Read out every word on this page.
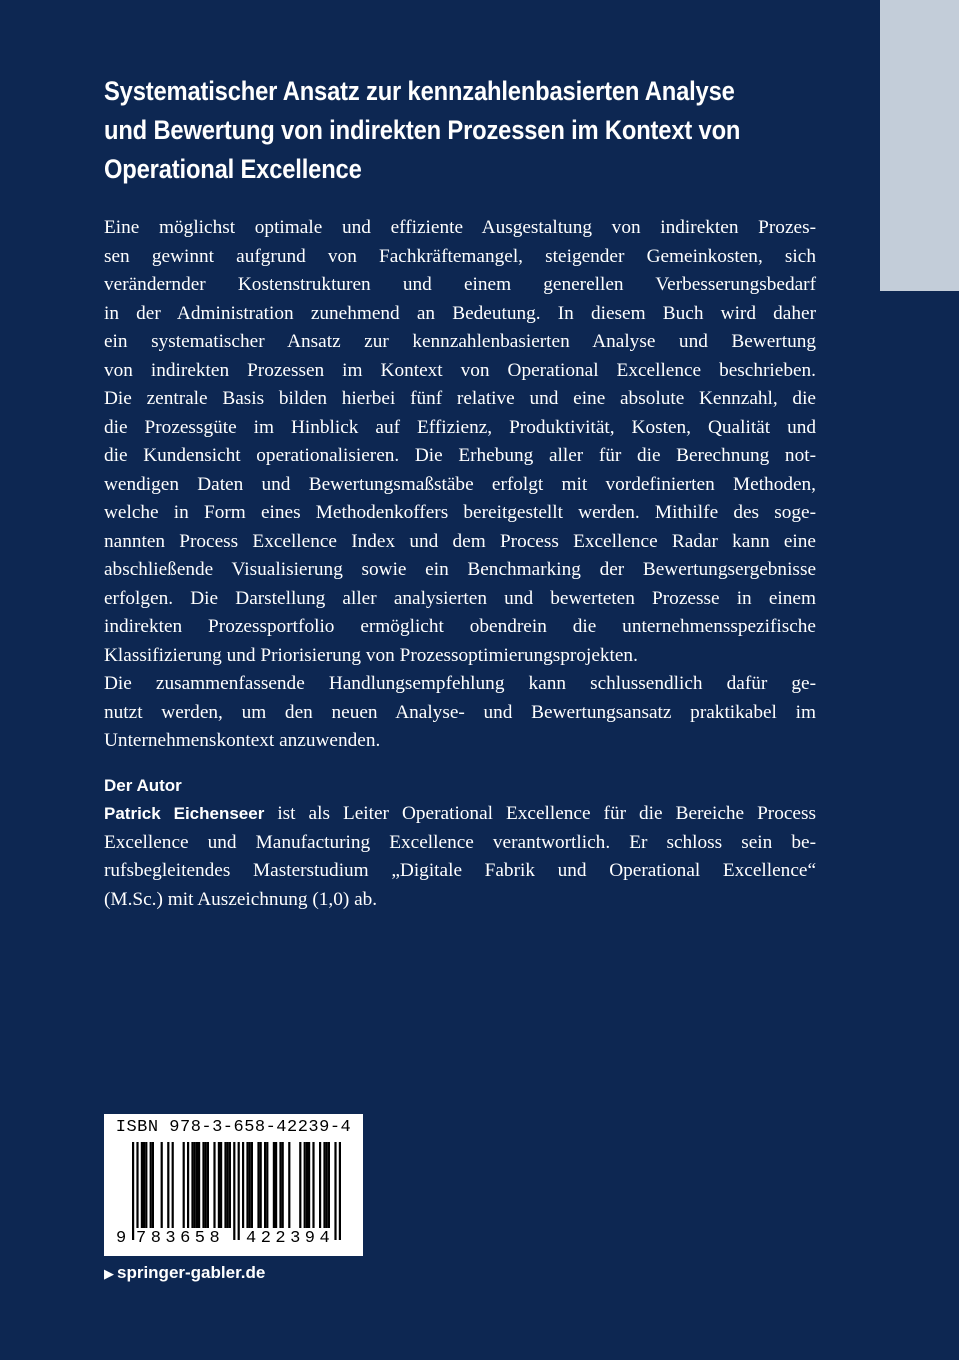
Systematischer Ansatz zur kennzahlenbasierten Analyse
und Bewertung von indirekten Prozessen im Kontext von
Operational Excellence
Eine möglichst optimale und effiziente Ausgestaltung von indirekten Prozes-
sen gewinnt aufgrund von Fachkräftemangel, steigender Gemeinkosten, sich
verändernder Kostenstrukturen und einem generellen Verbesserungsbedarf
in der Administration zunehmend an Bedeutung. In diesem Buch wird daher
ein systematischer Ansatz zur kennzahlenbasierten Analyse und Bewertung
von indirekten Prozessen im Kontext von Operational Excellence beschrieben.
Die zentrale Basis bilden hierbei fünf relative und eine absolute Kennzahl, die
die Prozessgüte im Hinblick auf Effizienz, Produktivität, Kosten, Qualität und
die Kundensicht operationalisieren. Die Erhebung aller für die Berechnung not-
wendigen Daten und Bewertungsmaßstäbe erfolgt mit vordefinierten Methoden,
welche in Form eines Methodenkoffers bereitgestellt werden. Mithilfe des soge-
nannten Process Excellence Index und dem Process Excellence Radar kann eine
abschließende Visualisierung sowie ein Benchmarking der Bewertungsergebnisse
erfolgen. Die Darstellung aller analysierten und bewerteten Prozesse in einem
indirekten Prozessportfolio ermöglicht obendrein die unternehmensspezifische
Klassifizierung und Priorisierung von Prozessoptimierungsprojekten.
Die zusammenfassende Handlungsempfehlung kann schlussendlich dafür ge-
nutzt werden, um den neuen Analyse- und Bewertungsansatz praktikabel im
Unternehmenskontext anzuwenden.
Der Autor
Patrick Eichenseer ist als Leiter Operational Excellence für die Bereiche Process
Excellence und Manufacturing Excellence verantwortlich. Er schloss sein be-
rufsbegleitendes Masterstudium „Digitale Fabrik und Operational Excellence“
(M.Sc.) mit Auszeichnung (1,0) ab.
ISBN 978-3-658-42239-4
9 783658 422394
▶ springer-gabler.de
